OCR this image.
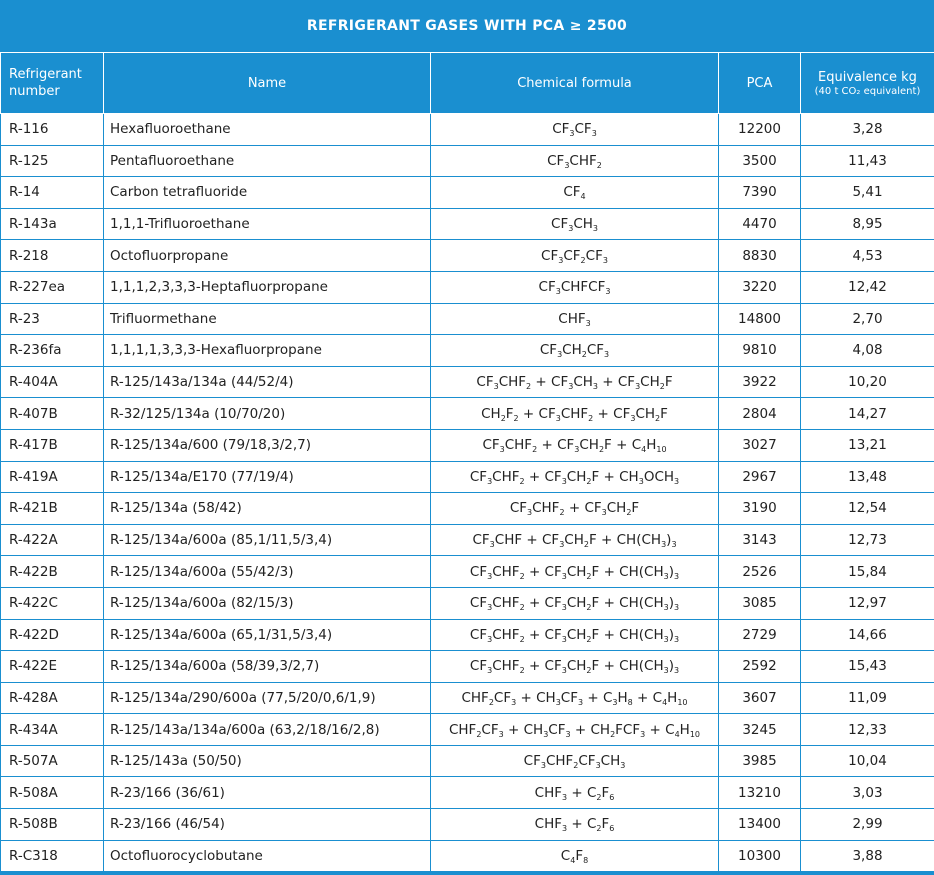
REFRIGERANT GASES WITH PCA ≥ 2500
Refrigerant number	Name	Chemical formula	PCA	Equivalence kg
(40 t CO₂ equivalent)

R-116	Hexafluoroethane	$CF_3CF_3$	12200	3,28
R-125	Pentafluoroethane	$CF_3CHF_2$	3500	11,43
R-14	Carbon tetrafluoride	$CF_4$	7390	5,41
R-143a	1,1,1-Trifluoroethane	$CF_3CH_3$	4470	8,95
R-218	Octofluorpropane	$CF_3CF_2CF_3$	8830	4,53
R-227ea	1,1,1,2,3,3,3-Heptafluorpropane	$CF_3CHFCF_3$	3220	12,42
R-23	Trifluormethane	$CHF_3$	14800	2,70
R-236fa	1,1,1,1,3,3,3-Hexafluorpropane	$CF_3CH_2CF_3$	9810	4,08
R-404A	R-125/143a/134a (44/52/4)	$CF_3CHF_2 + CF_3CH_3 + CF_3CH_2F$	3922	10,20
R-407B	R-32/125/134a (10/70/20)	$CH_2F_2 + CF_3CHF_2 + CF_3CH_2F$	2804	14,27
R-417B	R-125/134a/600 (79/18,3/2,7)	$CF_3CHF_2 + CF_3CH_2F + C_4H_{10}$	3027	13,21
R-419A	R-125/134a/E170 (77/19/4)	$CF_3CHF_2 + CF_3CH_2F + CH_3OCH_3$	2967	13,48
R-421B	R-125/134a (58/42)	$CF_3CHF_2 + CF_3CH_2F$	3190	12,54
R-422A	R-125/134a/600a (85,1/11,5/3,4)	$CF_3CHF + CF_3CH_2F + CH(CH_3)_3$	3143	12,73
R-422B	R-125/134a/600a (55/42/3)	$CF_3CHF_2 + CF_3CH_2F + CH(CH_3)_3$	2526	15,84
R-422C	R-125/134a/600a (82/15/3)	$CF_3CHF_2 + CF_3CH_2F + CH(CH_3)_3$	3085	12,97
R-422D	R-125/134a/600a (65,1/31,5/3,4)	$CF_3CHF_2 + CF_3CH_2F + CH(CH_3)_3$	2729	14,66
R-422E	R-125/134a/600a (58/39,3/2,7)	$CF_3CHF_2 + CF_3CH_2F + CH(CH_3)_3$	2592	15,43
R-428A	R-125/134a/290/600a (77,5/20/0,6/1,9)	$CHF_2CF_3 + CH_3CF_3 + C_3H_8 + C_4H_{10}$	3607	11,09
R-434A	R-125/143a/134a/600a (63,2/18/16/2,8)	$CHF_2CF_3 + CH_3CF_3 + CH_2FCF_3 + C_4H_{10}$	3245	12,33
R-507A	R-125/143a (50/50)	$CF_3CHF_2CF_3CH_3$	3985	10,04
R-508A	R-23/166 (36/61)	$CHF_3 + C_2F_6$	13210	3,03
R-508B	R-23/166 (46/54)	$CHF_3 + C_2F_6$	13400	2,99
R-C318	Octofluorocyclobutane	$C_4F_8$	10300	3,88
